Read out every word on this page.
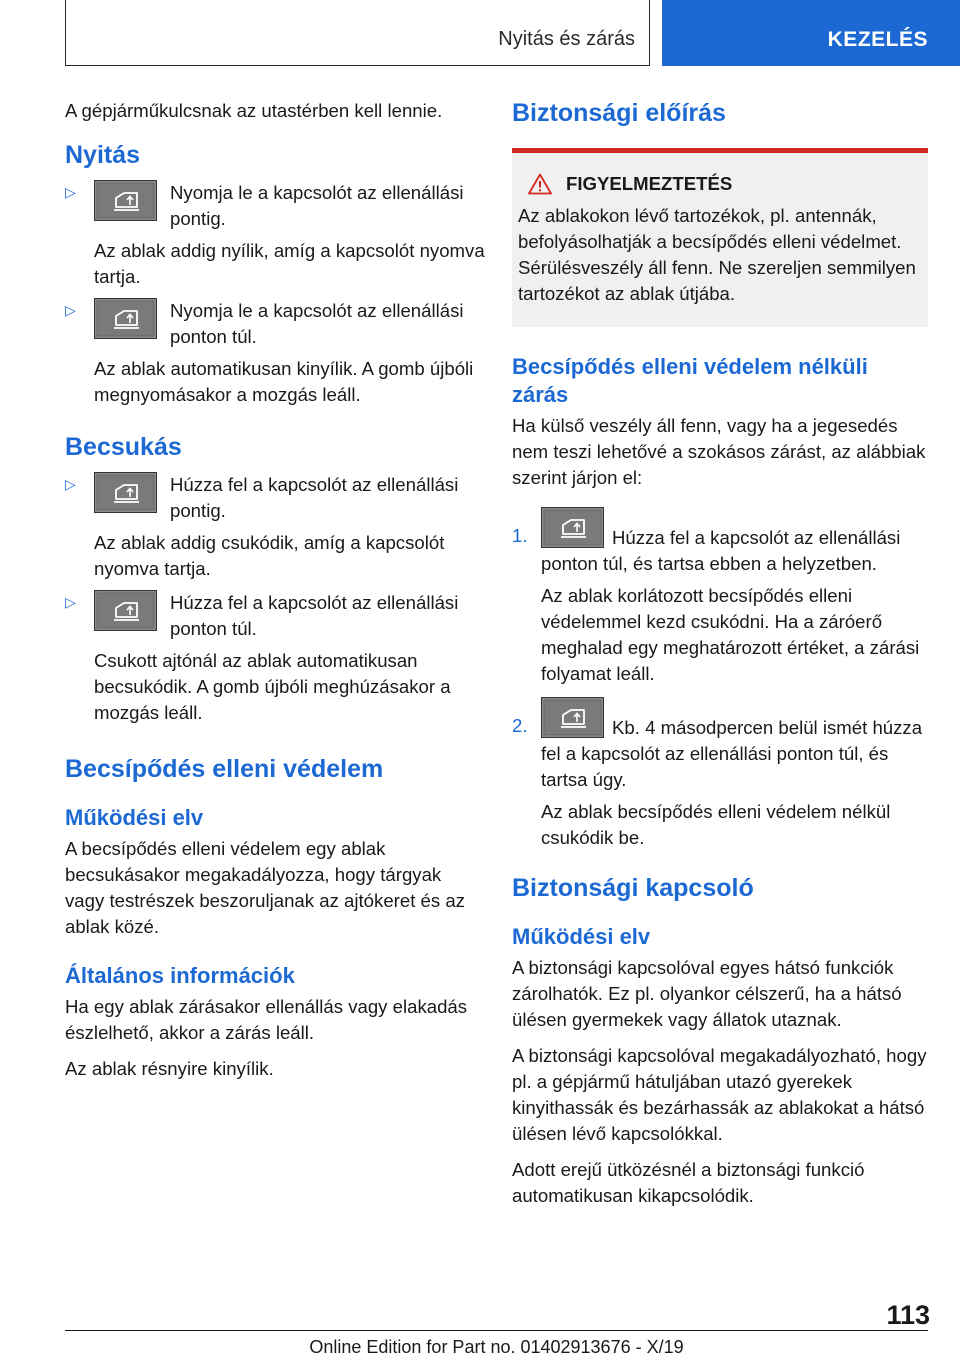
Nyitás és zárás	KEZELÉS

A gépjárműkulcsnak az utastérben kell lennie.

Nyitás
▷	Nyomja le a kapcsolót az ellenállási pontig.
Az ablak addig nyílik, amíg a kapcsolót nyomva tartja.
▷	Nyomja le a kapcsolót az ellenállási ponton túl.
Az ablak automatikusan kinyílik. A gomb újbóli megnyomásakor a mozgás leáll.
Becsukás
▷	Húzza fel a kapcsolót az ellenállási pontig.
Az ablak addig csukódik, amíg a kapcsolót nyomva tartja.
▷	Húzza fel a kapcsolót az ellenállási ponton túl.
Csukott ajtónál az ablak automatikusan becsukódik. A gomb újbóli meghúzásakor a mozgás leáll.
Becsípődés elleni védelem
Működési elv

A becsípődés elleni védelem egy ablak becsukásakor megakadályozza, hogy tárgyak vagy testrészek beszoruljanak az ajtókeret és az ablak közé.

Általános információk

Ha egy ablak zárásakor ellenállás vagy elakadás észlelhető, akkor a zárás leáll.

Az ablak résnyire kinyílik.

Biztonsági előírás
FIGYELMEZTETÉS
Az ablakokon lévő tartozékok, pl. antennák, befolyásolhatják a becsípődés elleni védelmet. Sérülésveszély áll fenn. Ne szereljen semmilyen tartozékot az ablak útjába.
Becsípődés elleni védelem nélküli zárás

Ha külső veszély áll fenn, vagy ha a jegesedés nem teszi lehetővé a szokásos zárást, az alábbiak szerint járjon el:

1.	Húzza fel a kapcsolót az ellenállási ponton túl, és tartsa ebben a helyzetben.

Az ablak korlátozott becsípődés elleni védelemmel kezd csukódni. Ha a záróerő meghalad egy meghatározott értéket, a zárási folyamat leáll.

2.	Kb. 4 másodpercen belül ismét húzza fel a kapcsolót az ellenállási ponton túl, és tartsa úgy.

Az ablak becsípődés elleni védelem nélkül csukódik be.

Biztonsági kapcsoló
Működési elv

A biztonsági kapcsolóval egyes hátsó funkciók zárolhatók. Ez pl. olyankor célszerű, ha a hátsó ülésen gyermekek vagy állatok utaznak.

A biztonsági kapcsolóval megakadályozható, hogy pl. a gépjármű hátuljában utazó gyerekek kinyithassák és bezárhassák az ablakokat a hátsó ülésen lévő kapcsolókkal.

Adott erejű ütközésnél a biztonsági funkció automatikusan kikapcsolódik.

113
Online Edition for Part no. 01402913676 - X/19
